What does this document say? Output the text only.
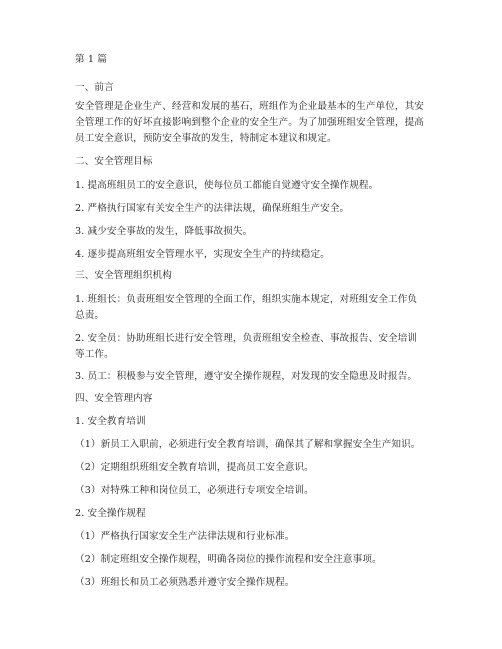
第 1 篇
一、前言
安全管理是企业生产、经营和发展的基石，班组作为企业最基本的生产单位，其安
全管理工作的好坏直接影响到整个企业的安全生产。为了加强班组安全管理，提高
员工安全意识，预防安全事故的发生，特制定本建议和规定。
二、安全管理目标
1. 提高班组员工的安全意识，使每位员工都能自觉遵守安全操作规程。
2. 严格执行国家有关安全生产的法律法规，确保班组生产安全。
3. 减少安全事故的发生，降低事故损失。
4. 逐步提高班组安全管理水平，实现安全生产的持续稳定。
三、安全管理组织机构
1. 班组长：负责班组安全管理的全面工作，组织实施本规定，对班组安全工作负
总责。
2. 安全员：协助班组长进行安全管理，负责班组安全检查、事故报告、安全培训
等工作。
3. 员工：积极参与安全管理，遵守安全操作规程，对发现的安全隐患及时报告。
四、安全管理内容
1. 安全教育培训
（1）新员工入职前，必须进行安全教育培训，确保其了解和掌握安全生产知识。
（2）定期组织班组安全教育培训，提高员工安全意识。
（3）对特殊工种和岗位员工，必须进行专项安全培训。
2. 安全操作规程
（1）严格执行国家安全生产法律法规和行业标准。
（2）制定班组安全操作规程，明确各岗位的操作流程和安全注意事项。
（3）班组长和员工必须熟悉并遵守安全操作规程。
